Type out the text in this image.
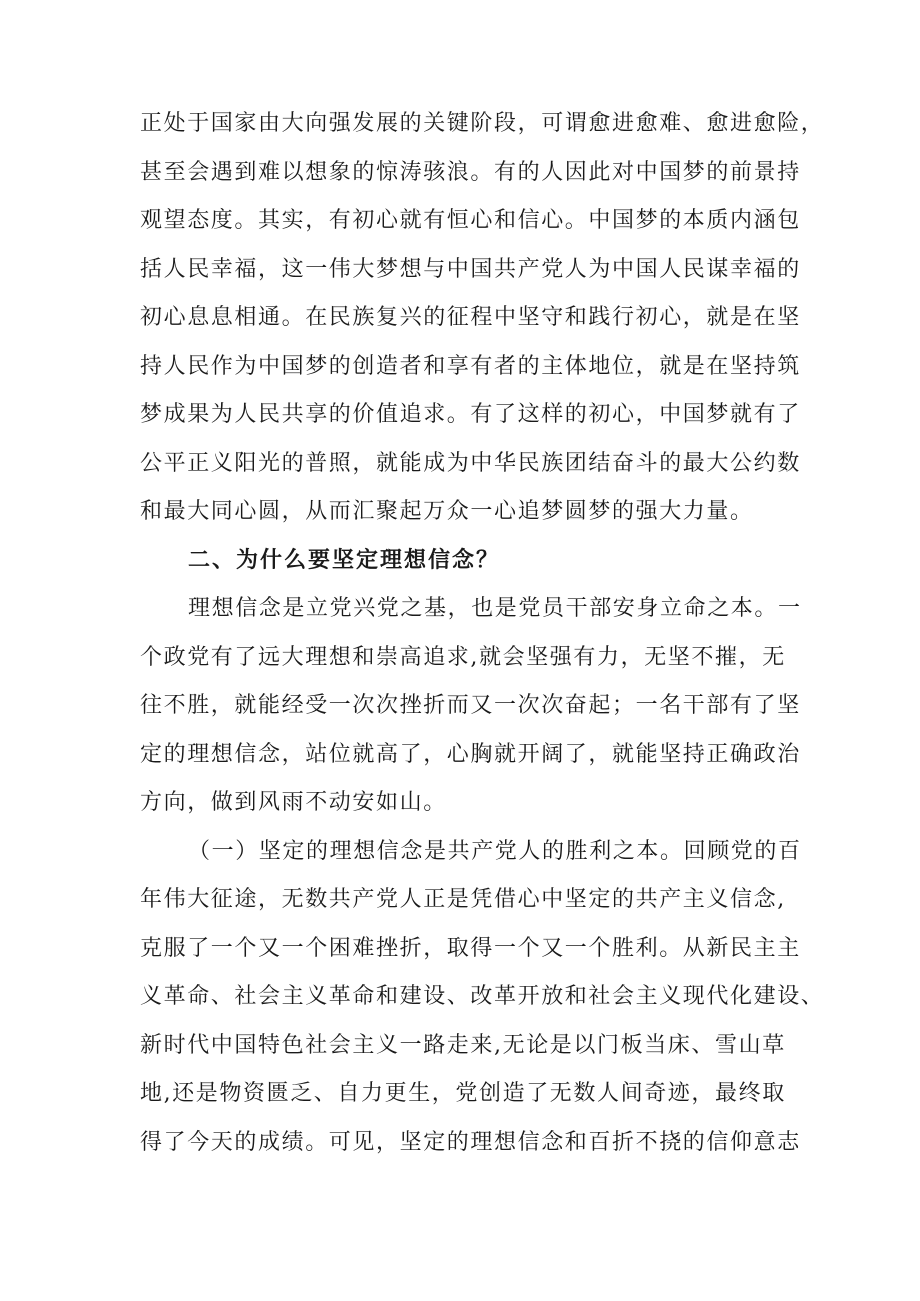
正处于国家由大向强发展的关键阶段，可谓愈进愈难、愈进愈险，
甚至会遇到难以想象的惊涛骇浪。有的人因此对中国梦的前景持
观望态度。其实，有初心就有恒心和信心。中国梦的本质内涵包
括人民幸福，这一伟大梦想与中国共产党人为中国人民谋幸福的
初心息息相通。在民族复兴的征程中坚守和践行初心，就是在坚
持人民作为中国梦的创造者和享有者的主体地位，就是在坚持筑
梦成果为人民共享的价值追求。有了这样的初心，中国梦就有了
公平正义阳光的普照，就能成为中华民族团结奋斗的最大公约数
和最大同心圆，从而汇聚起万众一心追梦圆梦的强大力量。
二、为什么要坚定理想信念？
理想信念是立党兴党之基，也是党员干部安身立命之本。一
个政党有了远大理想和崇高追求,就会坚强有力，无坚不摧，无
往不胜，就能经受一次次挫折而又一次次奋起；一名干部有了坚
定的理想信念，站位就高了，心胸就开阔了，就能坚持正确政治
方向，做到风雨不动安如山。
（一）坚定的理想信念是共产党人的胜利之本。回顾党的百
年伟大征途，无数共产党人正是凭借心中坚定的共产主义信念,
克服了一个又一个困难挫折，取得一个又一个胜利。从新民主主
义革命、社会主义革命和建设、改革开放和社会主义现代化建设、
新时代中国特色社会主义一路走来,无论是以门板当床、雪山草
地,还是物资匮乏、自力更生，党创造了无数人间奇迹，最终取
得了今天的成绩。可见，坚定的理想信念和百折不挠的信仰意志
